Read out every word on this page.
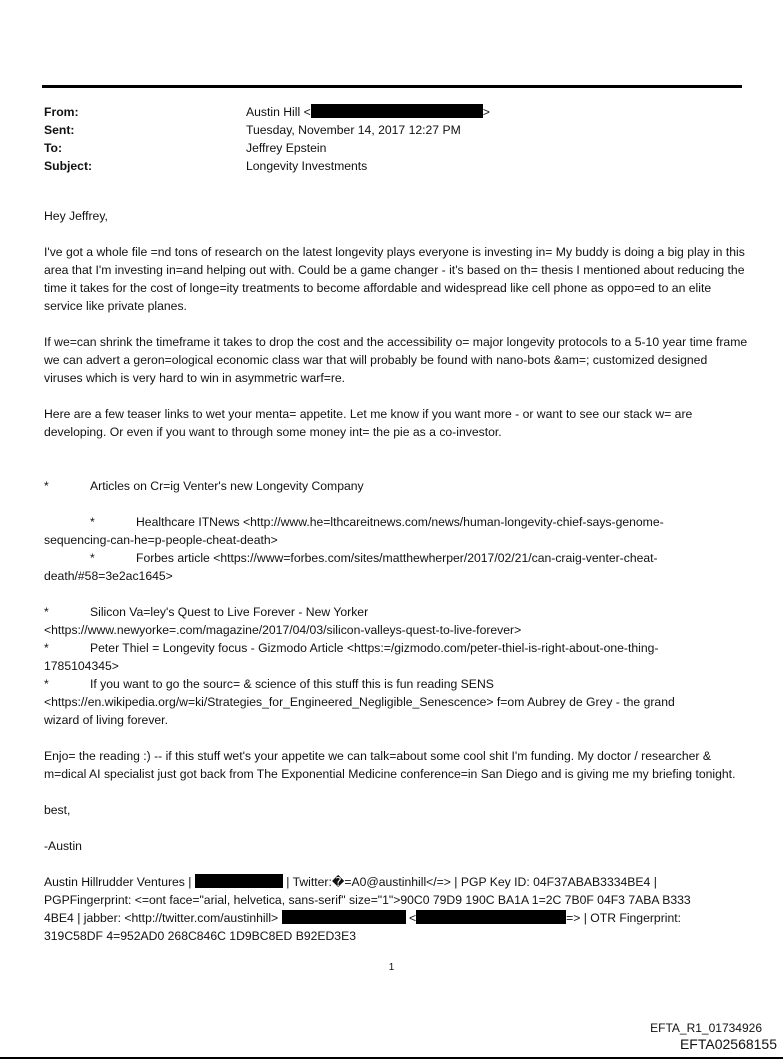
From:	Austin Hill <	>
Sent:	Tuesday, November 14, 2017 12:27 PM
To:	Jeffrey Epstein
Subject:	Longevity Investments

Hey Jeffrey,

I've got a whole file =nd tons of research on the latest longevity plays everyone is investing in= My buddy is doing a big play in this area that I'm investing in=and helping out with. Could be a game changer - it's based on th= thesis I mentioned about reducing the time it takes for the cost of longe=ity treatments to become affordable and widespread like cell phone as oppo=ed to an elite service like private planes.

If we=can shrink the timeframe it takes to drop the cost and the accessibility o= major longevity protocols to a 5-10 year time frame we can advert a geron=ological economic class war that will probably be found with nano-bots &am=; customized designed viruses which is very hard to win in asymmetric warf=re.

Here are a few teaser links to wet your menta= appetite. Let me know if you want more - or want to see our stack w= are developing. Or even if you want to through some money int= the pie as a co-investor.

*	Articles on Cr=ig Venter's new Longevity Company

*	Healthcare ITNews <http://www.he=lthcareitnews.com/news/human-longevity-chief-says-genome-

sequencing-can-he=p-people-cheat-death>

*	Forbes article <https://www=forbes.com/sites/matthewherper/2017/02/21/can-craig-venter-cheat-

death/#58=3e2ac1645>

*	Silicon Va=ley's Quest to Live Forever - New Yorker

<https://www.newyorke=.com/magazine/2017/04/03/silicon-valleys-quest-to-live-forever>

*	Peter Thiel = Longevity focus - Gizmodo Article <https:=/gizmodo.com/peter-thiel-is-right-about-one-thing-

1785104345>

*	If you want to go the sourc= & science of this stuff this is fun reading SENS

<https://en.wikipedia.org/w=ki/Strategies_for_Engineered_Negligible_Senescence> f=om Aubrey de Grey - the grand

wizard of living forever.

Enjo= the reading :) -- if this stuff wet's your appetite we can talk=about some cool shit I'm funding. My doctor / researcher & m=dical AI specialist just got back from The Exponential Medicine conference=in San Diego and is giving me my briefing tonight.

best,

-Austin

Austin Hillrudder Ventures |	| Twitter:�=A0@austinhill</=> | PGP Key ID: 04F37ABAB3334BE4 |

PGPFingerprint: <=ont face="arial, helvetica, sans-serif" size="1">90C0 79D9 190C BA1A 1=2C 7B0F 04F3 7ABA B333

4BE4 | jabber: <http://twitter.com/austinhill>	<	=> | OTR Fingerprint:

319C58DF 4=952AD0 268C846C 1D9BC8ED B92ED3E3

1
EFTA_R1_01734926
EFTA02568155
